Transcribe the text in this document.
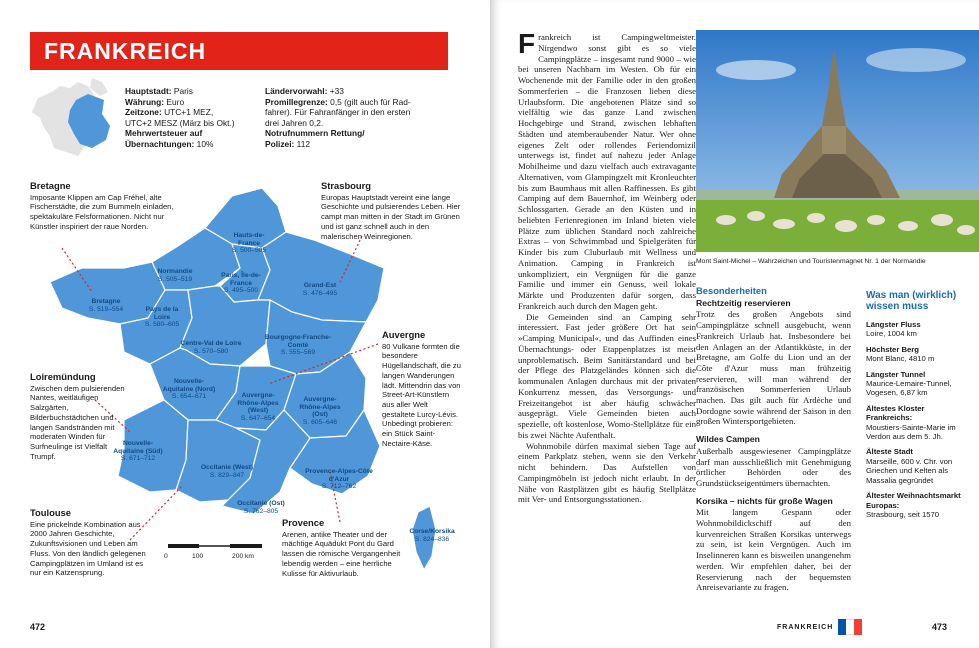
FRANKREICH
Hauptstadt: Paris
Währung: Euro
Zeitzone: UTC+1 MEZ,
UTC+2 MESZ (März bis Okt.)
Mehrwertsteuer auf
Übernachtungen: 10%
Ländervorwahl: +33
Promillegrenze: 0,5 (gilt auch für Rad-
fahrer). Für Fahranfänger in den ersten
drei Jahren 0,2.
Notrufnummern Rettung/
Polizei: 112
Hauts-de-France
S. 500–505
Normandie
S. 505–519
Paris, Île-de-France
S. 495–500
Grand-Est
S. 476–495
Bretagne
S. 519–554	Pays de la Loire
S. 580–605
Centre-Val de Loire
S. 570–580
Bourgogne-Franche-Comté
S. 555–569
Nouvelle-Aquitaine (Nord)
S. 654–671	Auvergne-Rhône-Alpes (West)
S. 647–654
Auvergne-Rhône-Alpes (Ost)
S. 605–646
Nouvelle-Aquitaine (Süd)
S. 671–712
Occitanie (West)
S. 829–847
Provence-Alpes-Côte d'Azur
S. 712–762
Occitanie (Ost)
S. 762–805
Corse/Korsika
S. 824–836
0	100	200 km
Bretagne

Imposante Klippen am Cap Fréhel, alte Fischerstädte, die zum Bummeln einladen, spektakuläre Felsformationen. Nicht nur Künstler inspiriert der raue Norden.

Strasbourg

Europas Hauptstadt vereint eine lange Geschichte und pulsierendes Leben. Hier campt man mitten in der Stadt im Grünen und ist ganz schnell auch in den malerischen Weinregionen.

Auvergne

80 Vulkane formten die besondere Hügellandschaft, die zu langen Wanderungen lädt. Mittendrin das von Street-Art-Künstlern aus aller Welt gestaltete Lurcy-Lévis. Unbedingt probieren: ein Stück Saint-Nectaire-Käse.

Loiremündung

Zwischen dem pulsierenden Nantes, weitläufigen Salzgärten, Bilderbuchstädtchen und langen Sandstränden mit moderaten Winden für Surfneulinge ist Vielfalt Trumpf.

Toulouse

Eine prickelnde Kombination aus 2000 Jahren Geschichte, Zukunftsvisionen und Leben am Fluss. Von den ländlich gelegenen Campingplätzen im Umland ist es nur ein Katzensprung.

Provence

Arenen, antike Theater und der mächtige Aquädukt Pont du Gard lassen die römische Vergangenheit lebendig werden – eine herrliche Kulisse für Aktivurlaub.

472

Frankreich ist Campingweltmeister. Nirgendwo sonst gibt es so viele Campingplätze – insgesamt rund 9000 – wie bei unseren Nachbarn im Westen. Ob für ein Wochenende mit der Familie oder in den großen Sommerferien – die Franzosen lieben diese Urlaubsform. Die angebotenen Plätze sind so vielfältig wie das ganze Land zwischen Hochgebirge und Strand, zwischen lebhaften Städten und atemberaubender Natur. Wer ohne eigenes Zelt oder rollendes Feriendomizil unterwegs ist, findet auf nahezu jeder Anlage Mobilheime und dazu vielfach auch extravagante Alternativen, vom Glampingzelt mit Kronleuchter bis zum Baumhaus mit allen Raffinessen. Es gibt Camping auf dem Bauernhof, im Weinberg oder Schlossgarten. Gerade an den Küsten und in beliebten Ferienregionen im Inland bieten viele Plätze zum üblichen Standard noch zahlreiche Extras – von Schwimmbad und Spielgeräten für Kinder bis zum Cluburlaub mit Wellness und Animation. Camping in Frankreich ist unkompliziert, ein Vergnügen für die ganze Familie und immer ein Genuss, weil lokale Märkte und Produzenten dafür sorgen, dass Frankreich auch durch den Magen geht.

Die Gemeinden sind an Camping sehr interessiert. Fast jeder größere Ort hat sein »Camping Municipal«, und das Auffinden eines Übernachtungs- oder Etappenplatzes ist meist unproblematisch. Beim Sanitärstandard und bei der Pflege des Platzgeländes können sich die kommunalen Anlagen durchaus mit der privaten Konkurrenz messen, das Versorgungs- und Freizeitangebot ist aber häufig schwächer ausgeprägt. Viele Gemeinden bieten auch spezielle, oft kostenlose, Womo-Stellplätze für ein bis zwei Nächte Aufenthalt.

Wohnmobile dürfen maximal sieben Tage auf einem Parkplatz stehen, wenn sie den Verkehr nicht behindern. Das Aufstellen von Campingmöbeln ist jedoch nicht erlaubt. In der Nähe von Rastplätzen gibt es häufig Stellplätze mit Ver- und Entsorgungsstationen.

Mont Saint-Michel – Wahrzeichen und Touristenmagnet Nr. 1 der Normandie
Besonderheiten
Rechtzeitig reservieren

Trotz des großen Angebots sind Campingplätze schnell ausgebucht, wenn Frankreich Urlaub hat. Insbesondere bei den Anlagen an der Atlantikküste, in der Bretagne, am Golfe du Lion und an der Côte d'Azur muss man frühzeitig reservieren, will man während der französischen Sommerferien Urlaub machen. Das gilt auch für Ardèche und Dordogne sowie während der Saison in den großen Wintersportgebieten.

Wildes Campen

Außerhalb ausgewiesener Campingplätze darf man ausschließlich mit Genehmigung örtlicher Behörden oder des Grundstückseigentümers übernachten.

Korsika – nichts für große Wagen

Mit langem Gespann oder Wohnmobildickschiff auf den kurvenreichen Straßen Korsikas unterwegs zu sein, ist kein Vergnügen. Auch im Inselinneren kann es bisweilen unangenehm werden. Wir empfehlen daher, bei der Reservierung nach der bequemsten Anreisevariante zu fragen.

Was man (wirklich) wissen muss
Längster Fluss
Loire, 1004 km
Höchster Berg
Mont Blanc, 4810 m
Längster Tunnel
Maurice-Lemaire-Tunnel, Vogesen, 6,87 km
Ältestes Kloster Frankreichs:
Moustiers-Sainte-Marie im Verdon aus dem 5. Jh.
Älteste Stadt
Marseille, 600 v. Chr. von Griechen und Kelten als Massalia gegründet
Ältester Weihnachtsmarkt Europas:
Strasbourg, seit 1570
FRANKREICH	473
